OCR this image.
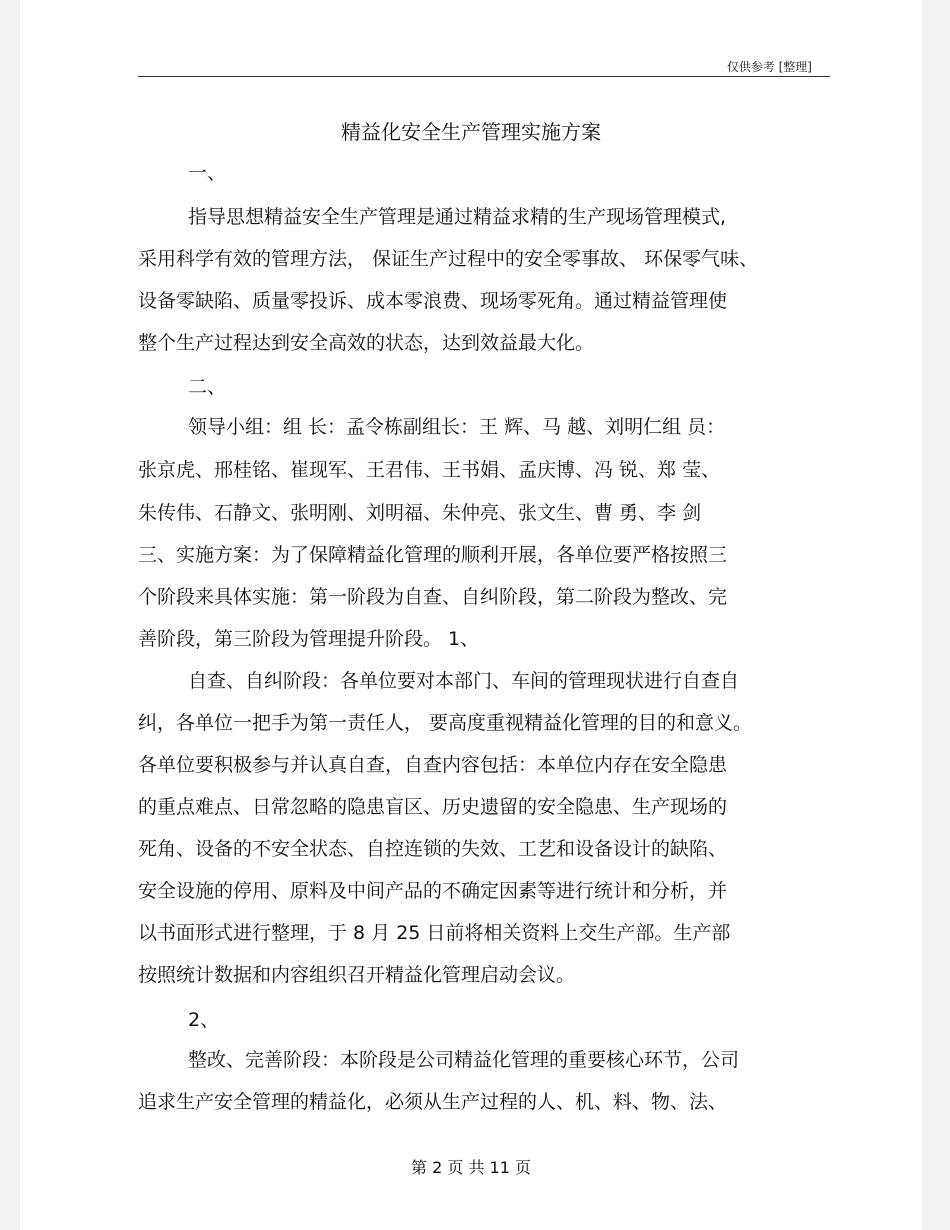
仅供参考 [整理]
精益化安全生产管理实施方案
一、
指导思想精益安全生产管理是通过精益求精的生产现场管理模式,
采用科学有效的管理方法， 保证生产过程中的安全零事故、 环保零气味、
设备零缺陷、质量零投诉、成本零浪费、现场零死角。通过精益管理使
整个生产过程达到安全高效的状态，达到效益最大化。
二、
领导小组：组 长：孟令栋副组长：王 辉、马 越、刘明仁组 员：
张京虎、邢桂铭、崔现军、王君伟、王书娟、孟庆博、冯 锐、郑 莹、
朱传伟、石静文、张明刚、刘明福、朱仲亮、张文生、曹 勇、李 剑
三、实施方案：为了保障精益化管理的顺利开展，各单位要严格按照三
个阶段来具体实施：第一阶段为自查、自纠阶段，第二阶段为整改、完
善阶段，第三阶段为管理提升阶段。 1、
自查、自纠阶段：各单位要对本部门、车间的管理现状进行自查自
纠，各单位一把手为第一责任人， 要高度重视精益化管理的目的和意义。
各单位要积极参与并认真自查，自查内容包括：本单位内存在安全隐患
的重点难点、日常忽略的隐患盲区、历史遗留的安全隐患、生产现场的
死角、设备的不安全状态、自控连锁的失效、工艺和设备设计的缺陷、
安全设施的停用、原料及中间产品的不确定因素等进行统计和分析，并
以书面形式进行整理，于 8 月 25 日前将相关资料上交生产部。生产部
按照统计数据和内容组织召开精益化管理启动会议。
2、
整改、完善阶段：本阶段是公司精益化管理的重要核心环节，公司
追求生产安全管理的精益化，必须从生产过程的人、机、料、物、法、
第 2 页 共 11 页
